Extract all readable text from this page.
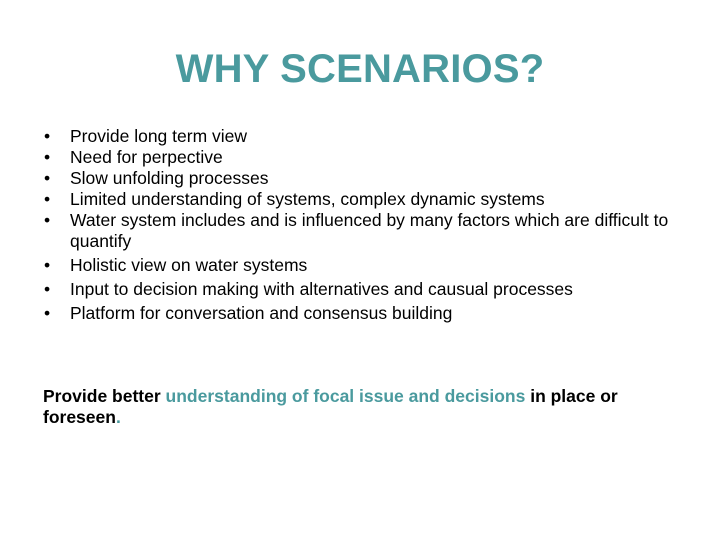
WHY SCENARIOS?
•	Provide long term view
•	Need for perpective
•	Slow unfolding processes
•	Limited understanding of systems, complex dynamic systems
•	Water system includes and is influenced by many factors which are difficult to quantify
•	Holistic view on water systems
•	Input to decision making with alternatives and causual processes
•	Platform for conversation and consensus building
Provide better understanding of focal issue and decisions in place or foreseen.
